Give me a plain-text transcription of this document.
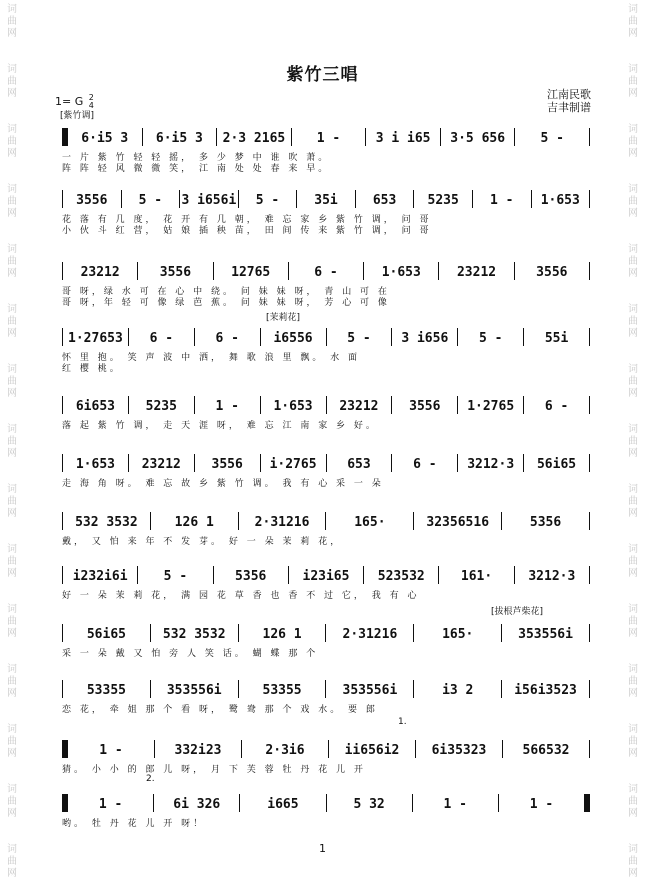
词
曲
网
词
曲
网
词
曲
网
词
曲
网
词
曲
网
词
曲
网
词
曲
网
词
曲
网
词
曲
网
词
曲
网
词
曲
网
词
曲
网
词
曲
网
词
曲
网
词
曲
网
词
曲
网
词
曲
网
词
曲
网
词
曲
网
词
曲
网
词
曲
网
词
曲
网
词
曲
网
词
曲
网
词
曲
网
词
曲
网
词
曲
网
词
曲
网
词
曲
网
词
曲
网
紫竹三唱
江南民歌
吉聿制谱
1= G 2
4
[紫竹调]
[茉莉花]
[拔根芦柴花]
1.
2.
6·i5 3	6·i5 3	2·3 2165	1 -	3 i i65	3·5 656	5 -
一 片 紫 竹 轻 轻 摇， 多 少 梦 中 谁 吹 萧。
阵 阵 轻 风 微 微 笑， 江 南 处 处 春 来 早。
3556	5 -	3 i656i	5 -	35i	653	5235	1 -	1·653
花 落 有 几 度， 花 开 有 几 朝， 难 忘 家 乡 紫 竹 调， 问 哥
小 伙 斗 红 营， 姑 娘 插 秧 苗， 田 间 传 来 紫 竹 调， 问 哥
23212	3556	12765	6 -	1·653	23212	3556
哥 呀，绿 水 可 在 心 中 绕。 问 妹 妹 呀， 青 山 可 在
哥 呀，年 轻 可 像 绿 芭 蕉。 问 妹 妹 呀， 芳 心 可 像
1·27653	6 -	6 -	i6556	5 -	3 i656	5 -	55i
怀 里 抱。 笑 声 波 中 洒， 舞 歌 浪 里 飘。 水 面
红 樱 桃。
6i653	5235	1 -	1·653	23212	3556	1·2765	6 -
落 起 紫 竹 调， 走 天 涯 呀， 难 忘 江 南 家 乡 好。
1·653	23212	3556	i·2765	653	6 -	3212·3	56i65
走 海 角 呀。 难 忘 故 乡 紫 竹 调。 我 有 心 采 一 朵
532 3532	126 1	2·31216	165·	32356516	5356
戴， 又 怕 来 年 不 发 芽。 好 一 朵 茉 莉 花，
i232i6i	5 -	5356	i23i65	523532	161·	3212·3
好 一 朵 茉 莉 花， 满 园 花 草 香 也 香 不 过 它， 我 有 心
56i65	532 3532	126 1	2·31216	165·	353556i
采 一 朵 戴 又 怕 旁 人 笑 话。 蝴 蝶 那 个
53355	353556i	53355	353556i	i3 2	i56i3523
恋 花， 牵 姐 那 个 看 呀， 鹭 鸯 那 个 戏 水。 要 郎
1 -	332i23	2·3i6	ii656i2	6i35323	566532
猜。 小 小 的 郎 儿 呀， 月 下 芙 蓉 牡 丹 花 儿 开
1 -	6i 326	i665	5 32	1 -	1 -
哟。 牡 丹 花 儿 开 呀！
1
